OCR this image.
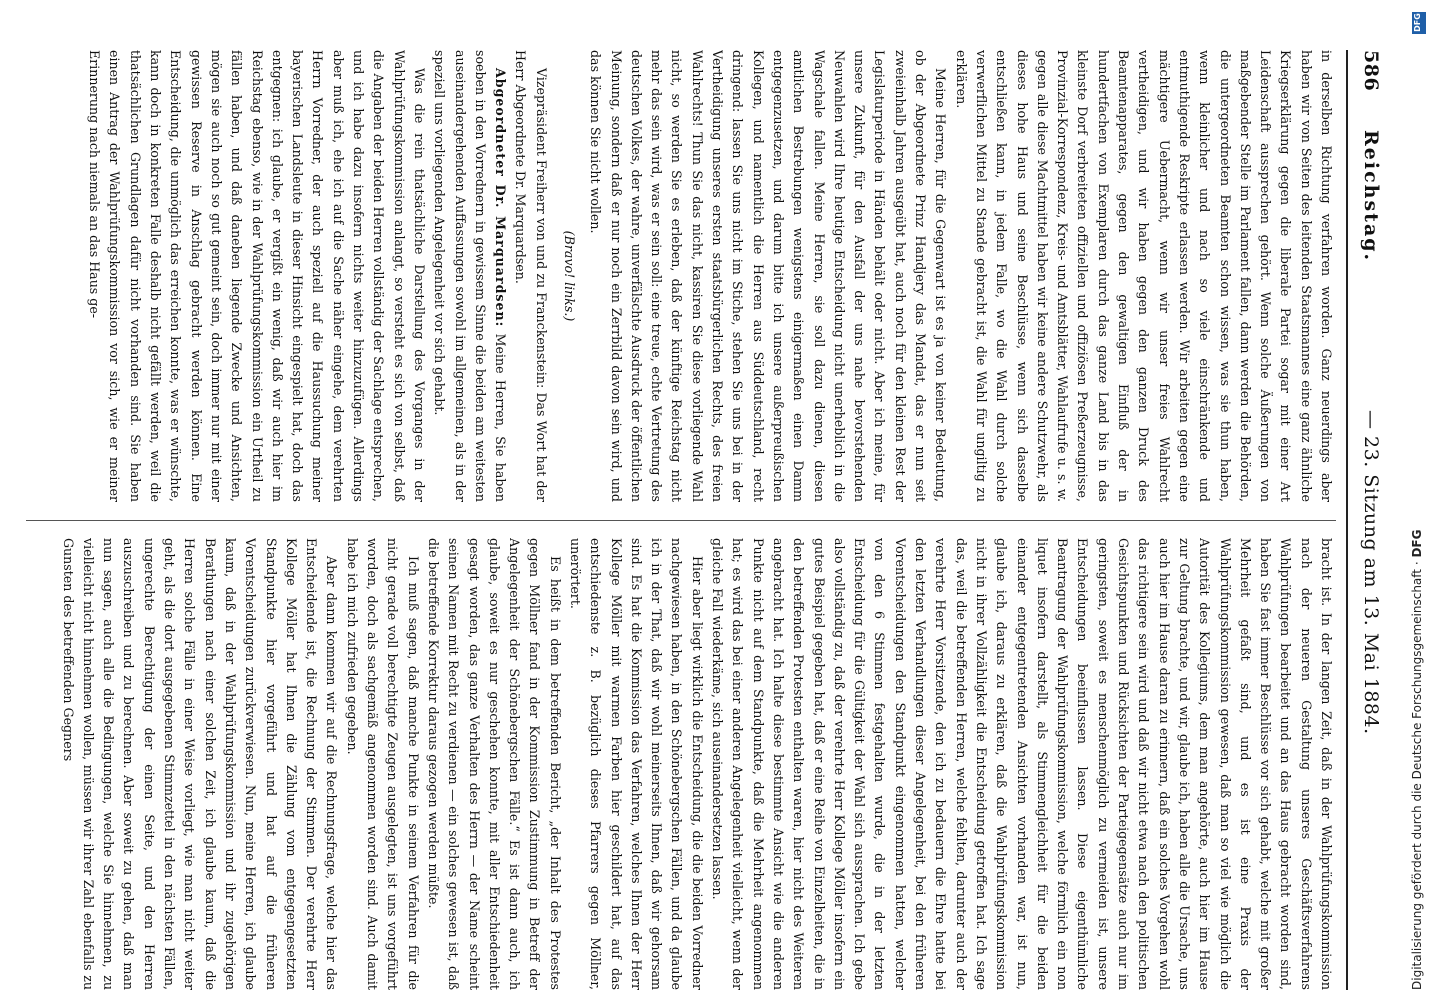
586
Reichstag.
— 23. Sitzung am 13. Mai 1884.

in derselben Richtung verfahren worden. Ganz neuerdings aber haben wir von Seiten des leitenden Staatsmannes eine ganz ähnliche Kriegserklärung gegen die liberale Partei sogar mit einer Art Leidenschaft aussprechen gehört. Wenn solche Äußerungen von maßgebender Stelle im Parlament fallen, dann werden die Behörden, die untergeordneten Beamten schon wissen, was sie thun haben, wenn kleinlicher und nach so viele einschränkende und entmuthigende Reskripte erlassen werden. Wir arbeiten gegen eine mächtigere Uebermacht, wenn wir unser freies Wahlrecht vertheidigen, und wir haben gegen den ganzen Druck des Beamtenapparates, gegen den gewaltigen Einfluß der in hundertfachen von Exemplaren durch das ganze Land bis in das kleinste Dorf verbreiteten offiziellen und offiziösen Preßerzeugnisse, Provinzial-Korrespondenz, Kreis- und Amtsblätter, Wahlaufrufe u. s. w. gegen alle diese Machtmittel haben wir keine andere Schutzwehr, als dieses hohe Haus und seine Beschlüsse, wenn sich dasselbe entschließen kann, in jedem Falle, wo die Wahl durch solche verwerflichen Mittel zu Stande gebracht ist, die Wahl für ungiltig zu erklären.

Meine Herren, für die Gegenwart ist es ja von keiner Bedeutung, ob der Abgeordnete Prinz Handjery das Mandat, das er nun seit zweieinhalb Jahren ausgeübt hat, auch noch für den kleinen Rest der Legislaturperiode in Händen behält oder nicht. Aber ich meine, für unsere Zukunft, für den Ausfall der uns nahe bevorstehenden Neuwahlen wird Ihre heutige Entscheidung nicht unerheblich in die Wagschale fallen. Meine Herren, sie soll dazu dienen, diesen amtlichen Bestrebungen wenigstens einigermaßen einen Damm entgegenzusetzen, und darum bitte ich unsere außerpreußischen Kollegen, und namentlich die Herren aus Süddeutschland, recht dringend: lassen Sie uns nicht im Stiche, stehen Sie uns bei in der Vertheidigung unseres ersten staatsbürgerlichen Rechts, des freien Wahlrechts! Thun Sie das nicht, kassiren Sie diese vorliegende Wahl nicht, so werden Sie es erleben, daß der künftige Reichstag nicht mehr das sein wird, was er sein soll: eine treue, echte Vertretung des deutschen Volkes, der wahre, unverfälschte Ausdruck der öffentlichen Meinung, sondern daß er nur noch ein Zerrbild davon sein wird, und das können Sie nicht wollen.

(Bravo! links.)

Vizepräsident Freiherr von und zu Franckenstein: Das Wort hat der Herr Abgeordnete Dr. Marquardsen.

Abgeordneter Dr. Marquardsen: Meine Herren, Sie haben soeben in den Vorrednern in gewissem Sinne die beiden am weitesten auseinandergehenden Auffassungen sowohl im allgemeinen, als in der speziell uns vorliegenden Angelegenheit vor sich gehabt.

Was die rein thatsächliche Darstellung des Vorganges in der Wahlprüfungskommission anlangt, so versteht es sich von selbst, daß die Angaben der beiden Herren vollständig der Sachlage entsprechen, und ich habe dazu insofern nichts weiter hinzuzufügen. Allerdings aber muß ich, ehe ich auf die Sache näher eingehe, dem verehrten Herrn Vorredner, der auch speziell auf die Haussuchung meiner bayerischen Landsleute in dieser Hinsicht eingespielt hat, doch das entgegnen: ich glaube, er vergißt ein wenig, daß wir auch hier im Reichstag ebenso, wie in der Wahlprüfungskommission ein Urtheil zu fällen haben, und daß daneben liegende Zwecke und Ansichten, mögen sie auch noch so gut gemeint sein, doch immer nur mit einer gewissen Reserve in Anschlag gebracht werden können. Eine Entscheidung, die unmöglich das erreichen konnte, was er wünschte, kann doch in konkreten Falle deshalb nicht gefällt werden, weil die thatsächlichen Grundlagen dafür nicht vorhanden sind. Sie haben einen Antrag der Wahlprüfungskommission vor sich, wie er meiner Erinnerung nach niemals an das Haus ge-

bracht ist. In der langen Zeit, daß in der Wahlprüfungskommission nach der neueren Gestaltung unseres Geschäftsverfahrens Wahlprüfungen bearbeitet und an das Haus gebracht worden sind, haben Sie fast immer Beschlüsse vor sich gehabt, welche mit großer Mehrheit gefaßt sind, und es ist eine Praxis der Wahlprüfungskommission gewesen, daß man so viel wie möglich die Autorität des Kollegiums, dem man angehörte, auch hier im Hause zur Geltung brachte, und wir, glaube ich, haben alle die Ursache, uns auch hier im Hause daran zu erinnern, daß ein solches Vorgehen wohl das richtigere sein wird und daß wir nicht etwa nach den politischen Gesichtspunkten und Rücksichten der Parteigegensätze auch nur im geringsten, soweit es menschenmöglich zu vermeiden ist, unsere Entscheidungen beeinflussen lassen. Diese eigenthümliche Beantragung der Wahlprüfungskommission, welche förmlich ein non liquet insofern darstellt, als Stimmengleichheit für die beiden einander entgegentretenden Ansichten vorhanden war, ist nun, glaube ich, daraus zu erklären, daß die Wahlprüfungskommission nicht in ihrer Vollzähligkeit die Entscheidung getroffen hat. Ich sage das, weil die betreffenden Herren, welche fehlten, darunter auch der verehrte Herr Vorsitzende, den ich zu bedauern die Ehre hatte bei den letzten Verhandlungen dieser Angelegenheit, bei den früheren Vorentscheidungen den Standpunkt eingenommen hatten, welcher von den 6 Stimmen festgehalten wurde, die in der letzten Entscheidung für die Gültigkeit der Wahl sich aussprachen. Ich gebe also vollständig zu, daß der verehrte Herr Kollege Möller insofern ein gutes Beispiel gegeben hat, daß er eine Reihe von Einzelheiten, die in den betreffenden Protesten enthalten waren, hier nicht des Weiteren angebracht hat. Ich halte diese bestimmte Ansicht wie die anderen Punkte nicht auf dem Standpunkte, daß die Mehrheit angenommen hat; es wird das bei einer anderen Angelegenheit vielleicht, wenn der gleiche Fall wiederkäme, sich auseinandersetzen lassen.

Hier aber liegt wirklich die Entscheidung, die die beiden Vorredner nachgewiesen haben, in den Schönebergschen Fällen, und da glaube ich in der That, daß wir wohl meinerseits Ihnen, daß wir gehorsam sind. Es hat die Kommission das Verfahren, welches Ihnen der Herr Kollege Möller mit warmen Farben hier geschildert hat, auf das entschiedenste z. B. bezüglich dieses Pfarrers gegen Möllner, unerörtert.

Es heißt in dem betreffenden Bericht, „der Inhalt des Protestes gegen Möllner fand in der Kommission Zustimmung in Betreff der Angelegenheit der Schönebergschen Fälle.“ Es ist dann auch, ich glaube, soweit es nur geschehen konnte, mit aller Entschiedenheit gesagt worden, das ganze Verhalten des Herrn — der Name scheint seinen Namen mit Recht zu verdienen — ein solches gewesen ist, daß die betreffende Korrektur daraus gezogen werden müßte.

Ich muß sagen, daß manche Punkte in seinem Verfahren für die nicht gerade voll berechtigte Zeugen ausgelegten, ist uns vorgeführt worden, doch als sachgemäß angenommen worden sind. Auch damit habe ich mich zufrieden gegeben.

Aber dann kommen wir auf die Rechnungsfrage, welche hier das Entscheidende ist, die Rechnung der Stimmen. Der verehrte Herr Kollege Möller hat Ihnen die Zählung vom entgegengesetzten Standpunkte hier vorgeführt und hat auf die früheren Vorentscheidungen zurückverwiesen. Nun, meine Herren, ich glaube kaum, daß in der Wahlprüfungskommission und ihr zugehörigen Berathungen nach einer solchen Zeit, ich glaube kaum, daß die Herren solche Fälle in einer Weise vorliegt, wie man nicht weiter geht, als die dort ausgegebenen Stimmzettel in den nächsten Fällen, ungerechte Berechtigung der einen Seite, und den Herren auszuschreiben und zu berechnen. Aber soweit zu gehen, daß man nun sagen, auch alle die Bedingungen, welche Sie hinnehmen, zu vielleicht nicht hinnehmen wollen, müssen wir ihrer Zahl ebenfalls zu Gunsten des betreffenden Gegners	Digitalisierung gefördert durch die Deutsche Forschungsgemeinschaft · DFG
DFG
